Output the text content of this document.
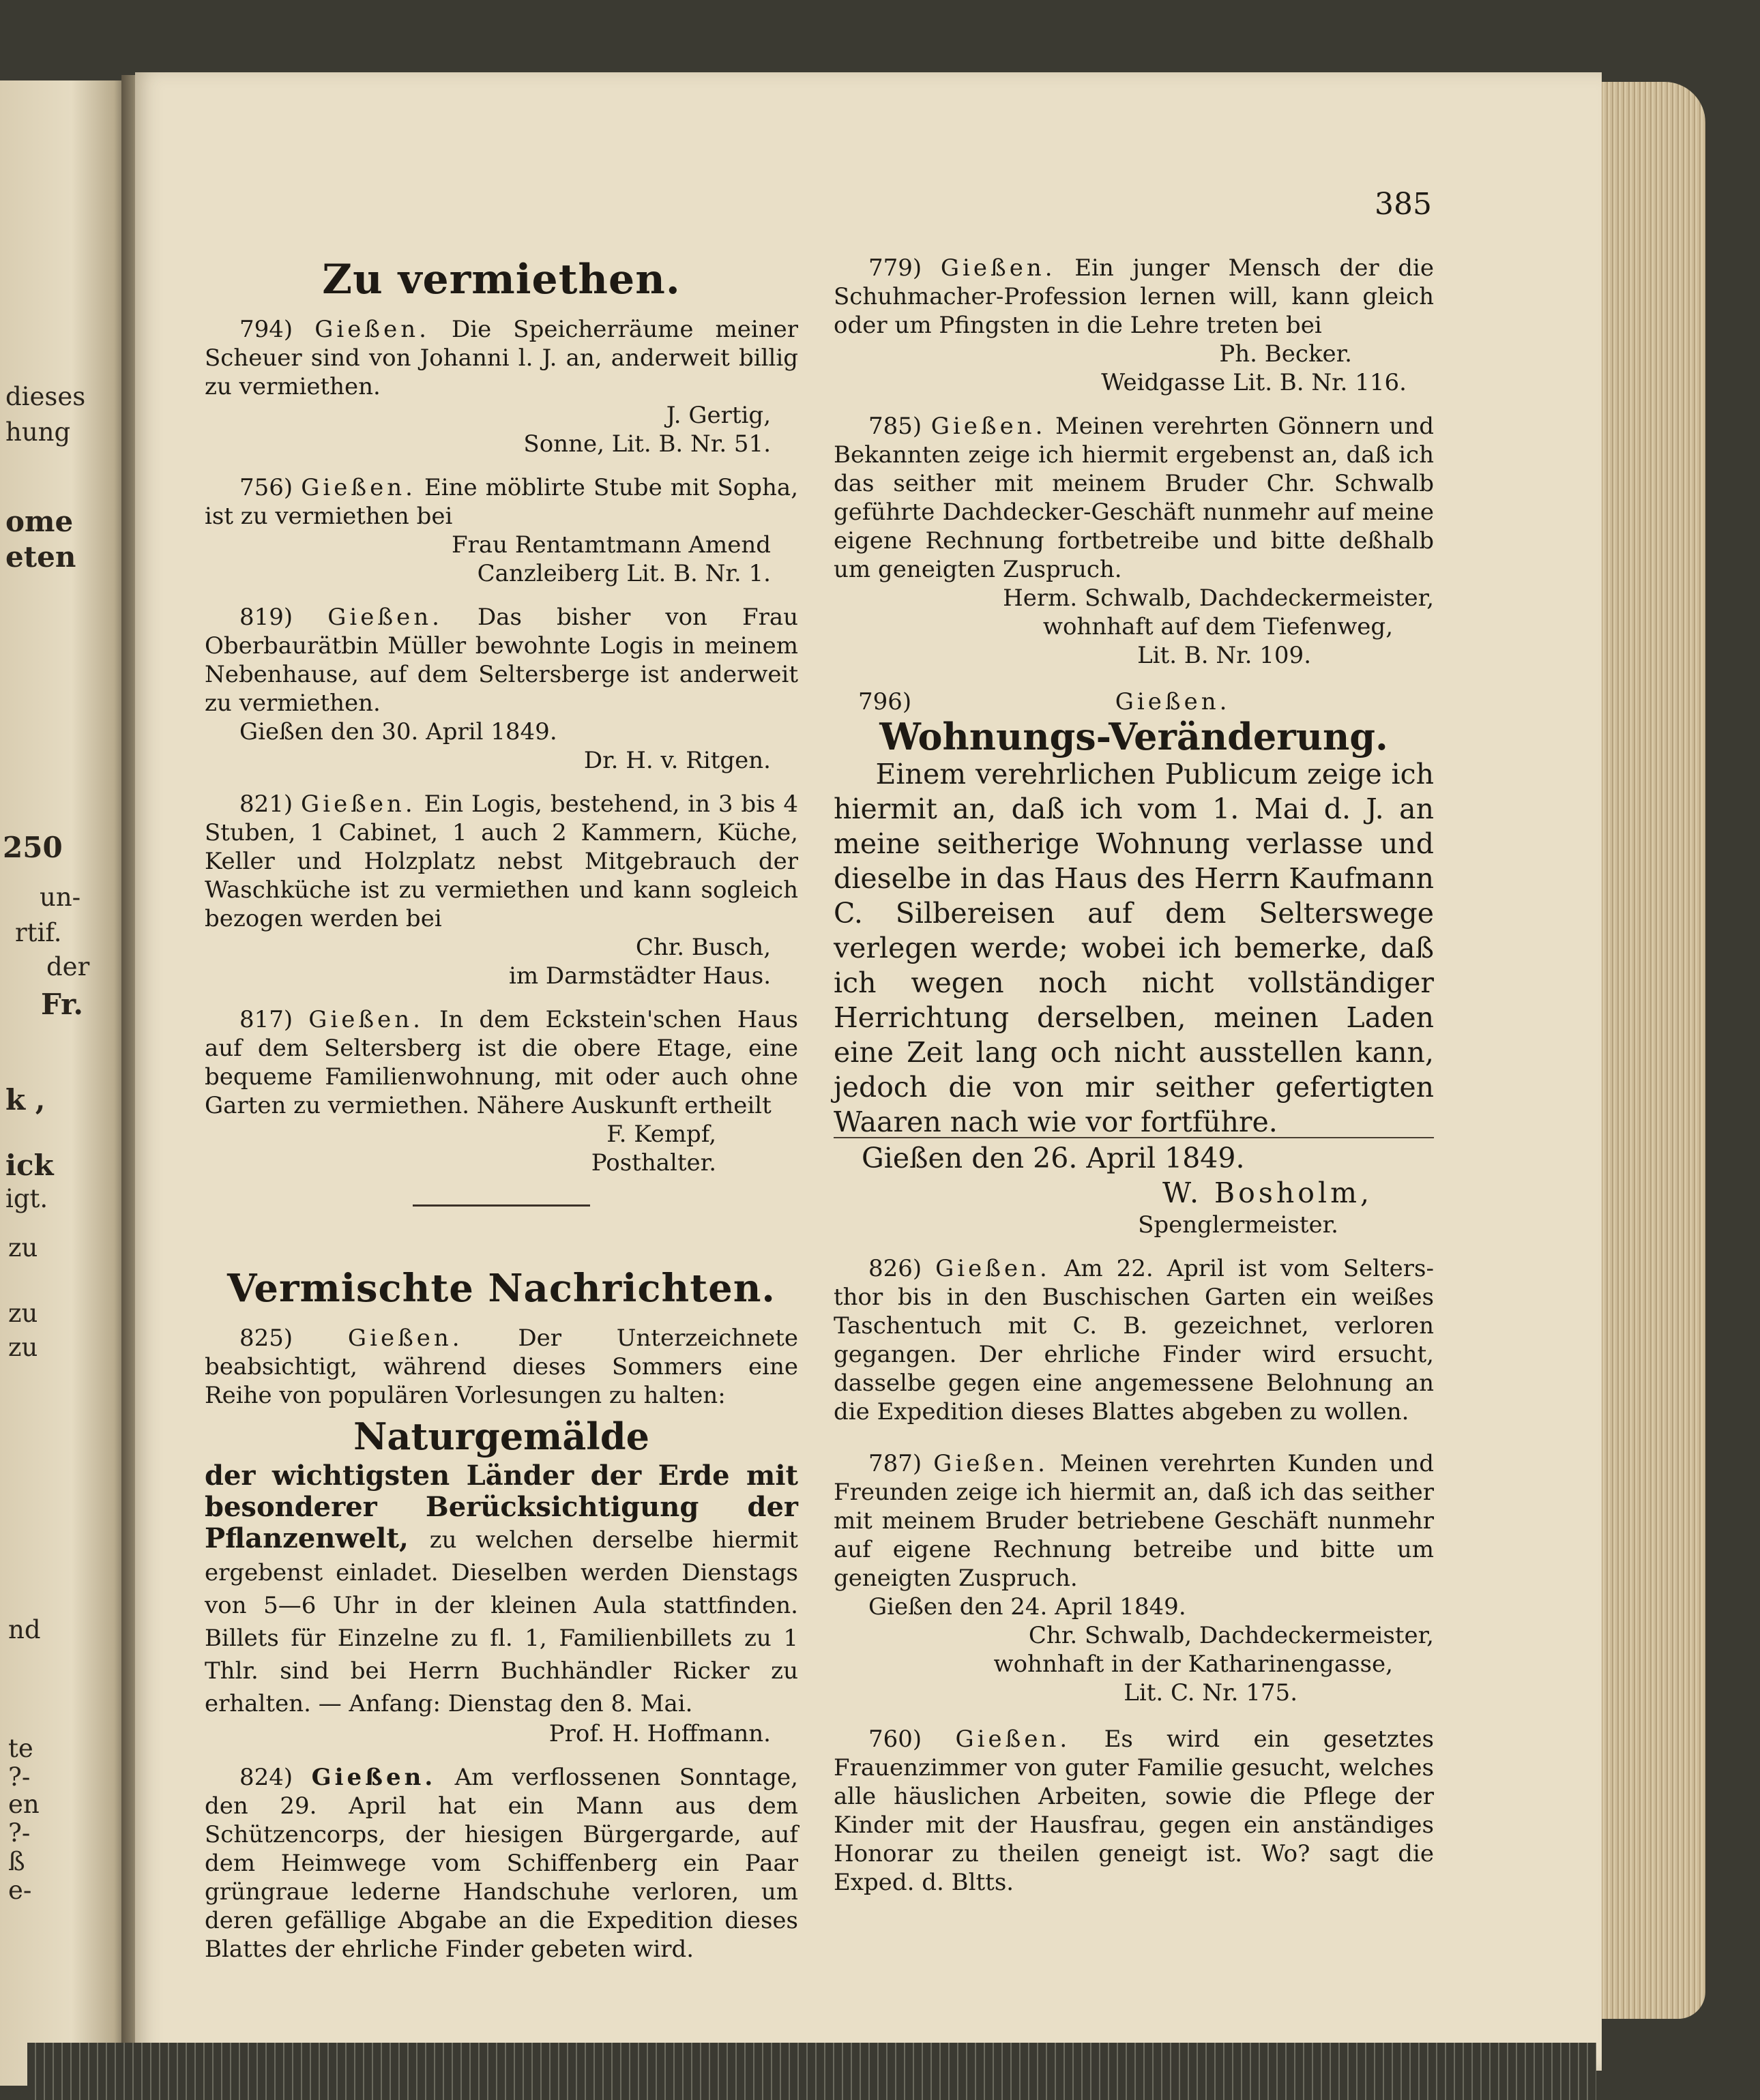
dieses
hung
ome
eten
250
un-
rtif.
der
Fr.
k ,
ick
igt.
zu
zu
zu
nd
te
?-
en
?-
ß
e-
385
Zu vermiethen.

794) Gießen. Die Speicherräume meiner Scheuer sind von Johanni l. J. an, anderweit billig zu vermiethen.

J. Gertig,
Sonne, Lit. B. Nr. 51.

756) Gießen. Eine möblirte Stube mit Sopha, ist zu vermiethen bei

Frau Rentamtmann Amend
Canzleiberg Lit. B. Nr. 1.

819) Gießen. Das bisher von Frau Oberbaurätbin Müller bewohnte Logis in meinem Nebenhause, auf dem Seltersberge ist anderweit zu vermiethen.

Gießen den 30. April 1849.
Dr. H. v. Ritgen.

821) Gießen. Ein Logis, bestehend, in 3 bis 4 Stuben, 1 Cabinet, 1 auch 2 Kammern, Küche, Keller und Holzplatz nebst Mitgebrauch der Waschküche ist zu vermiethen und kann sogleich bezogen werden bei

Chr. Busch,
im Darmstädter Haus.

817) Gießen. In dem Eckstein'schen Haus auf dem Seltersberg ist die obere Etage, eine bequeme Familienwohnung, mit oder auch ohne Garten zu vermiethen. Nähere Auskunft ertheilt

F. Kempf,
Posthalter.
Vermischte Nachrichten.

825) Gießen. Der Unterzeichnete beabsichtigt, während dieses Sommers eine Reihe von populären Vorlesungen zu halten:

Naturgemälde

der wichtigsten Länder der Erde mit besonderer Berücksichtigung der Pflanzenwelt, zu welchen derselbe hiermit ergebenst einladet. Dieselben werden Dienstags von 5—6 Uhr in der kleinen Aula stattfinden. Billets für Einzelne zu fl. 1, Familienbillets zu 1 Thlr. sind bei Herrn Buchhändler Ricker zu erhalten. — Anfang: Dienstag den 8. Mai.

Prof. H. Hoffmann.

824) Gießen. Am verflossenen Sonntage, den 29. April hat ein Mann aus dem Schützencorps, der hiesigen Bürgergarde, auf dem Heimwege vom Schiffenberg ein Paar grüngraue lederne Handschuhe verloren, um deren gefällige Abgabe an die Expedition dieses Blattes der ehrliche Finder gebeten wird.

779) Gießen. Ein junger Mensch der die Schuhmacher-Profession lernen will, kann gleich oder um Pfingsten in die Lehre treten bei

Ph. Becker.
Weidgasse Lit. B. Nr. 116.

785) Gießen. Meinen verehrten Gönnern und Bekannten zeige ich hiermit ergebenst an, daß ich das seither mit meinem Bruder Chr. Schwalb geführte Dachdecker-Geschäft nunmehr auf meine eigene Rechnung fortbetreibe und bitte deßhalb um geneigten Zuspruch.

Herm. Schwalb, Dachdeckermeister,
wohnhaft auf dem Tiefenweg,
Lit. B. Nr. 109.
796)	Gießen.
Wohnungs-Veränderung.
Einem verehrlichen Publicum zeige ich hiermit an, daß ich vom 1. Mai d. J. an meine seitherige Wohnung verlasse und dieselbe in das Haus des Herrn Kaufmann C. Silbereisen auf dem Selterswege verlegen werde; wobei ich bemerke, daß ich wegen noch nicht vollständiger Herrichtung derselben, meinen Laden eine Zeit lang och nicht ausstellen kann, jedoch die von mir seither gefertigten Waaren nach wie vor fortführe.
Gießen den 26. April 1849.
W. Bosholm,
Spenglermeister.

826) Gießen. Am 22. April ist vom Selters-thor bis in den Buschischen Garten ein weißes Taschentuch mit C. B. gezeichnet, verloren gegangen. Der ehrliche Finder wird ersucht, dasselbe gegen eine angemessene Belohnung an die Expedition dieses Blattes abgeben zu wollen.

787) Gießen. Meinen verehrten Kunden und Freunden zeige ich hiermit an, daß ich das seither mit meinem Bruder betriebene Geschäft nunmehr auf eigene Rechnung betreibe und bitte um geneigten Zuspruch.

Gießen den 24. April 1849.
Chr. Schwalb, Dachdeckermeister,
wohnhaft in der Katharinengasse,
Lit. C. Nr. 175.

760) Gießen. Es wird ein gesetztes Frauenzimmer von guter Familie gesucht, welches alle häuslichen Arbeiten, sowie die Pflege der Kinder mit der Hausfrau, gegen ein anständiges Honorar zu theilen geneigt ist. Wo? sagt die Exped. d. Bltts.
